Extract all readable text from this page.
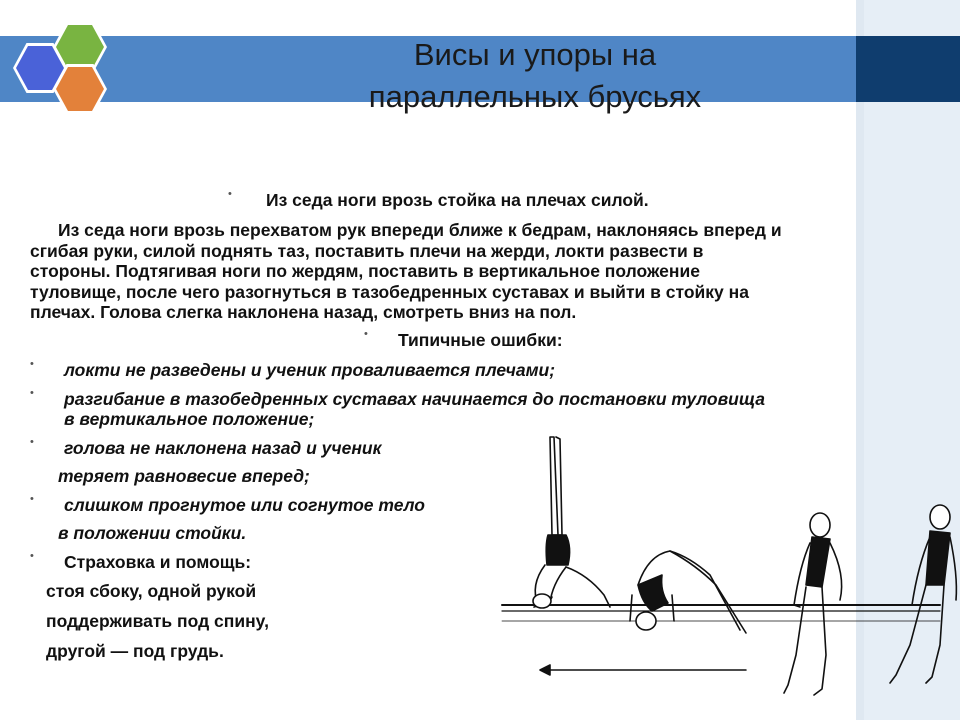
Висы и упоры на
параллельных брусьях
• Из седа ноги врозь стойка на плечах силой.
Из седа ноги врозь перехватом рук впереди ближе к бедрам, наклоняясь вперед и
сгибая руки, силой поднять таз, поставить плечи на жерди, локти развести в
стороны. Подтягивая ноги по жердям, поставить в вертикальное положение
туловище, после чего разогнуться в тазобедренных суставах и выйти в стойку на
плечах. Голова слегка наклонена назад, смотреть вниз на пол.
• Типичные ошибки:
• локти не разведены и ученик проваливается плечами;
• разгибание в тазобедренных суставах начинается до постановки туловища
в вертикальное положение;
• голова не наклонена назад и ученик
теряет равновесие вперед;
• слишком прогнутое или согнутое тело
в положении стойки.
• Страховка и помощь:
стоя сбоку, одной рукой
поддерживать под спину,
другой — под грудь.
